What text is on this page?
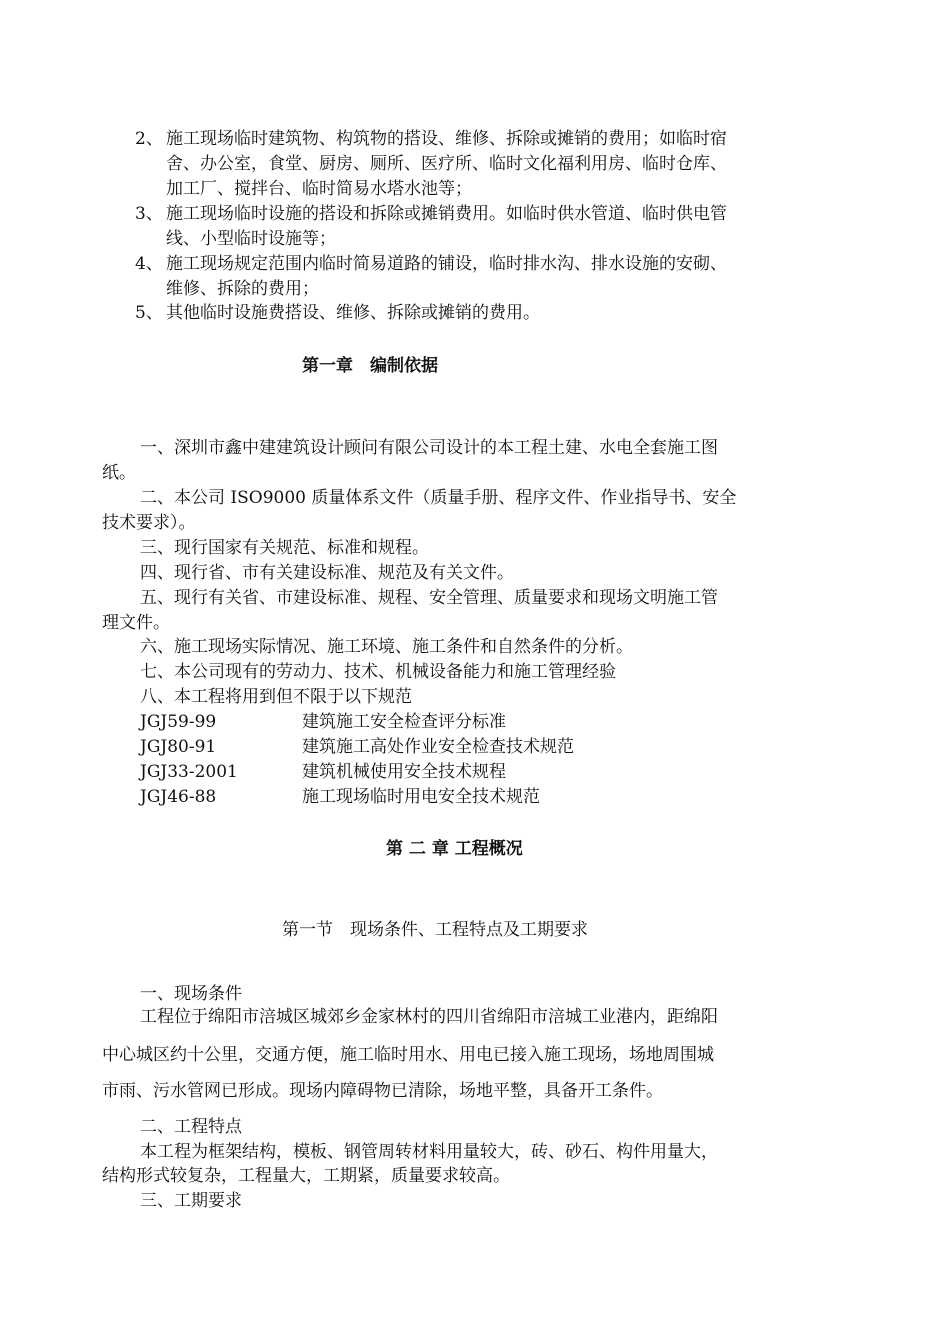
2、 施工现场临时建筑物、构筑物的搭设、维修、拆除或摊销的费用；如临时宿
舍、办公室，食堂、厨房、厕所、医疗所、临时文化福利用房、临时仓库、
加工厂、搅拌台、临时简易水塔水池等；
3、 施工现场临时设施的搭设和拆除或摊销费用。如临时供水管道、临时供电管
线、小型临时设施等；
4、 施工现场规定范围内临时简易道路的铺设，临时排水沟、排水设施的安砌、
维修、拆除的费用；
5、 其他临时设施费搭设、维修、拆除或摊销的费用。
第一章　编制依据
一、深圳市鑫中建建筑设计顾问有限公司设计的本工程土建、水电全套施工图
纸。
二、本公司 ISO9000 质量体系文件（质量手册、程序文件、作业指导书、安全
技术要求）。
三、现行国家有关规范、标准和规程。
四、现行省、市有关建设标准、规范及有关文件。
五、现行有关省、市建设标准、规程、安全管理、质量要求和现场文明施工管
理文件。
六、施工现场实际情况、施工环境、施工条件和自然条件的分析。
七、本公司现有的劳动力、技术、机械设备能力和施工管理经验
八、本工程将用到但不限于以下规范
JGJ59-99	建筑施工安全检查评分标准
JGJ80-91	建筑施工高处作业安全检查技术规范
JGJ33-2001	建筑机械使用安全技术规程
JGJ46-88	施工现场临时用电安全技术规范
第 二 章 工程概况
第一节　现场条件、工程特点及工期要求
一、现场条件
工程位于绵阳市涪城区城郊乡金家林村的四川省绵阳市涪城工业港内，距绵阳
中心城区约十公里，交通方便，施工临时用水、用电已接入施工现场，场地周围城
市雨、污水管网已形成。现场内障碍物已清除，场地平整，具备开工条件。
二、工程特点
本工程为框架结构，模板、钢管周转材料用量较大，砖、砂石、构件用量大，
结构形式较复杂，工程量大，工期紧，质量要求较高。
三、工期要求
